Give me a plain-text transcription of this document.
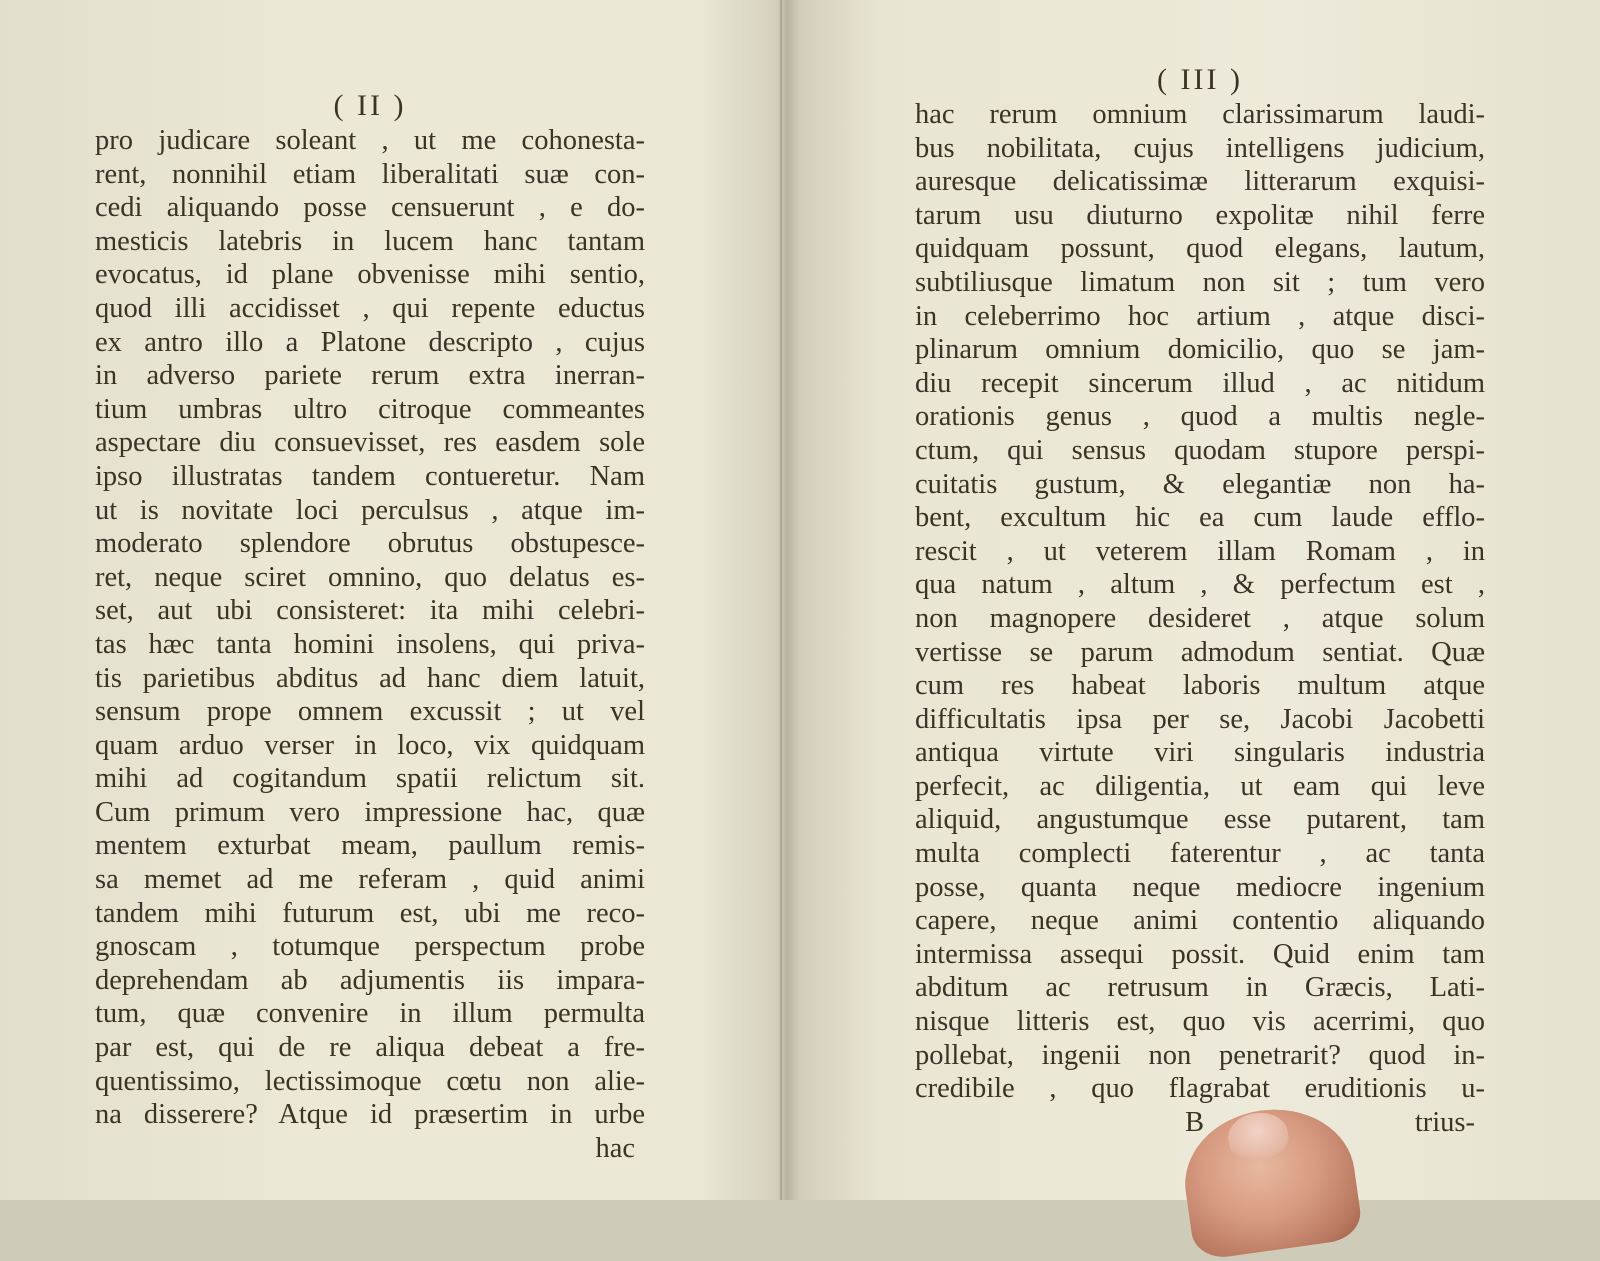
( II )
pro judicare soleant , ut me cohonesta-
rent, nonnihil etiam liberalitati suæ con-
cedi aliquando posse censuerunt , e do-
mesticis latebris in lucem hanc tantam
evocatus, id plane obvenisse mihi sentio,
quod illi accidisset , qui repente eductus
ex antro illo a Platone descripto , cujus
in adverso pariete rerum extra inerran-
tium umbras ultro citroque commeantes
aspectare diu consuevisset, res easdem sole
ipso illustratas tandem contueretur. Nam
ut is novitate loci perculsus , atque im-
moderato splendore obrutus obstupesce-
ret, neque sciret omnino, quo delatus es-
set, aut ubi consisteret: ita mihi celebri-
tas hæc tanta homini insolens, qui priva-
tis parietibus abditus ad hanc diem latuit,
sensum prope omnem excussit ; ut vel
quam arduo verser in loco, vix quidquam
mihi ad cogitandum spatii relictum sit.
Cum primum vero impressione hac, quæ
mentem exturbat meam, paullum remis-
sa memet ad me referam , quid animi
tandem mihi futurum est, ubi me reco-
gnoscam , totumque perspectum probe
deprehendam ab adjumentis iis impara-
tum, quæ convenire in illum permulta
par est, qui de re aliqua debeat a fre-
quentissimo, lectissimoque cœtu non alie-
na disserere? Atque id præsertim in urbe
hac
( III )
hac rerum omnium clarissimarum laudi-
bus nobilitata, cujus intelligens judicium,
auresque delicatissimæ litterarum exquisi-
tarum usu diuturno expolitæ nihil ferre
quidquam possunt, quod elegans, lautum,
subtiliusque limatum non sit ; tum vero
in celeberrimo hoc artium , atque disci-
plinarum omnium domicilio, quo se jam-
diu recepit sincerum illud , ac nitidum
orationis genus , quod a multis negle-
ctum, qui sensus quodam stupore perspi-
cuitatis gustum, & elegantiæ non ha-
bent, excultum hic ea cum laude efflo-
rescit , ut veterem illam Romam , in
qua natum , altum , & perfectum est ,
non magnopere desideret , atque solum
vertisse se parum admodum sentiat. Quæ
cum res habeat laboris multum atque
difficultatis ipsa per se, Jacobi Jacobetti
antiqua virtute viri singularis industria
perfecit, ac diligentia, ut eam qui leve
aliquid, angustumque esse putarent, tam
multa complecti faterentur , ac tanta
posse, quanta neque mediocre ingenium
capere, neque animi contentio aliquando
intermissa assequi possit. Quid enim tam
abditum ac retrusum in Græcis, Lati-
nisque litteris est, quo vis acerrimi, quo
pollebat, ingenii non penetrarit? quod in-
credibile , quo flagrabat eruditionis u-
B	trius-
